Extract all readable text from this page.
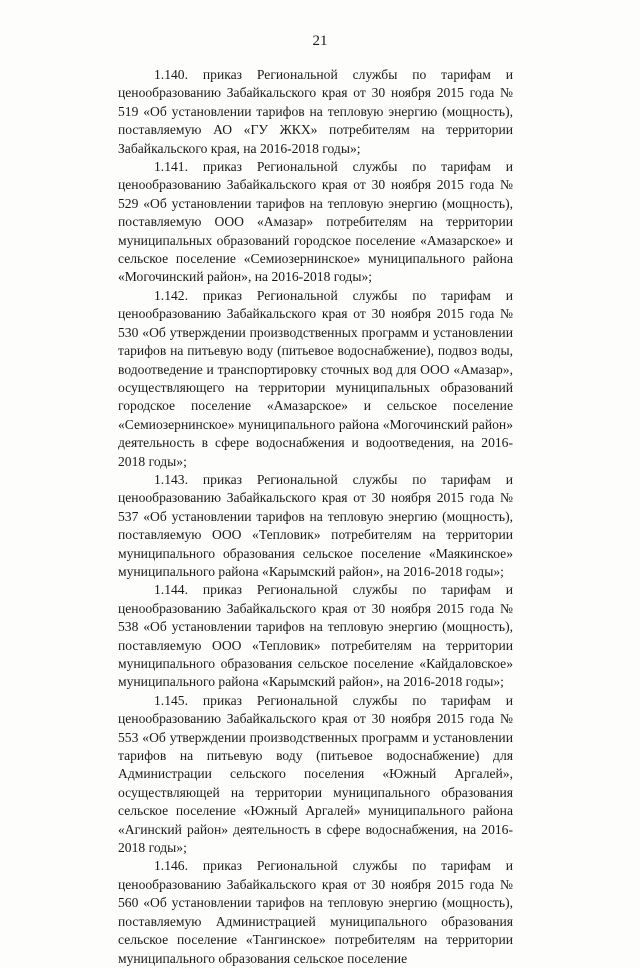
21

1.140. приказ Региональной службы по тарифам и ценообразованию Забайкальского края от 30 ноября 2015 года № 519 «Об установлении тарифов на тепловую энергию (мощность), поставляемую АО «ГУ ЖКХ» потребителям на территории Забайкальского края, на 2016-2018 годы»;

1.141. приказ Региональной службы по тарифам и ценообразованию Забайкальского края от 30 ноября 2015 года № 529 «Об установлении тарифов на тепловую энергию (мощность), поставляемую ООО «Амазар» потребителям на территории муниципальных образований городское поселение «Амазарское» и сельское поселение «Семиозернинское» муниципального района «Могочинский район», на 2016-2018 годы»;

1.142. приказ Региональной службы по тарифам и ценообразованию Забайкальского края от 30 ноября 2015 года № 530 «Об утверждении производственных программ и установлении тарифов на питьевую воду (питьевое водоснабжение), подвоз воды, водоотведение и транспортировку сточных вод для ООО «Амазар», осуществляющего на территории муниципальных образований городское поселение «Амазарское» и сельское поселение «Семиозернинское» муниципального района «Могочинский район» деятельность в сфере водоснабжения и водоотведения, на 2016-2018 годы»;

1.143. приказ Региональной службы по тарифам и ценообразованию Забайкальского края от 30 ноября 2015 года № 537 «Об установлении тарифов на тепловую энергию (мощность), поставляемую ООО «Тепловик» потребителям на территории муниципального образования сельское поселение «Маякинское» муниципального района «Карымский район», на 2016-2018 годы»;

1.144. приказ Региональной службы по тарифам и ценообразованию Забайкальского края от 30 ноября 2015 года № 538 «Об установлении тарифов на тепловую энергию (мощность), поставляемую ООО «Тепловик» потребителям на территории муниципального образования сельское поселение «Кайдаловское» муниципального района «Карымский район», на 2016-2018 годы»;

1.145. приказ Региональной службы по тарифам и ценообразованию Забайкальского края от 30 ноября 2015 года № 553 «Об утверждении производственных программ и установлении тарифов на питьевую воду (питьевое водоснабжение) для Администрации сельского поселения «Южный Аргалей», осуществляющей на территории муниципального образования сельское поселение «Южный Аргалей» муниципального района «Агинский район» деятельность в сфере водоснабжения, на 2016-2018 годы»;

1.146. приказ Региональной службы по тарифам и ценообразованию Забайкальского края от 30 ноября 2015 года № 560 «Об установлении тарифов на тепловую энергию (мощность), поставляемую Администрацией муниципального образования сельское поселение «Тангинское» потребителям на территории муниципального образования сельское поселение
